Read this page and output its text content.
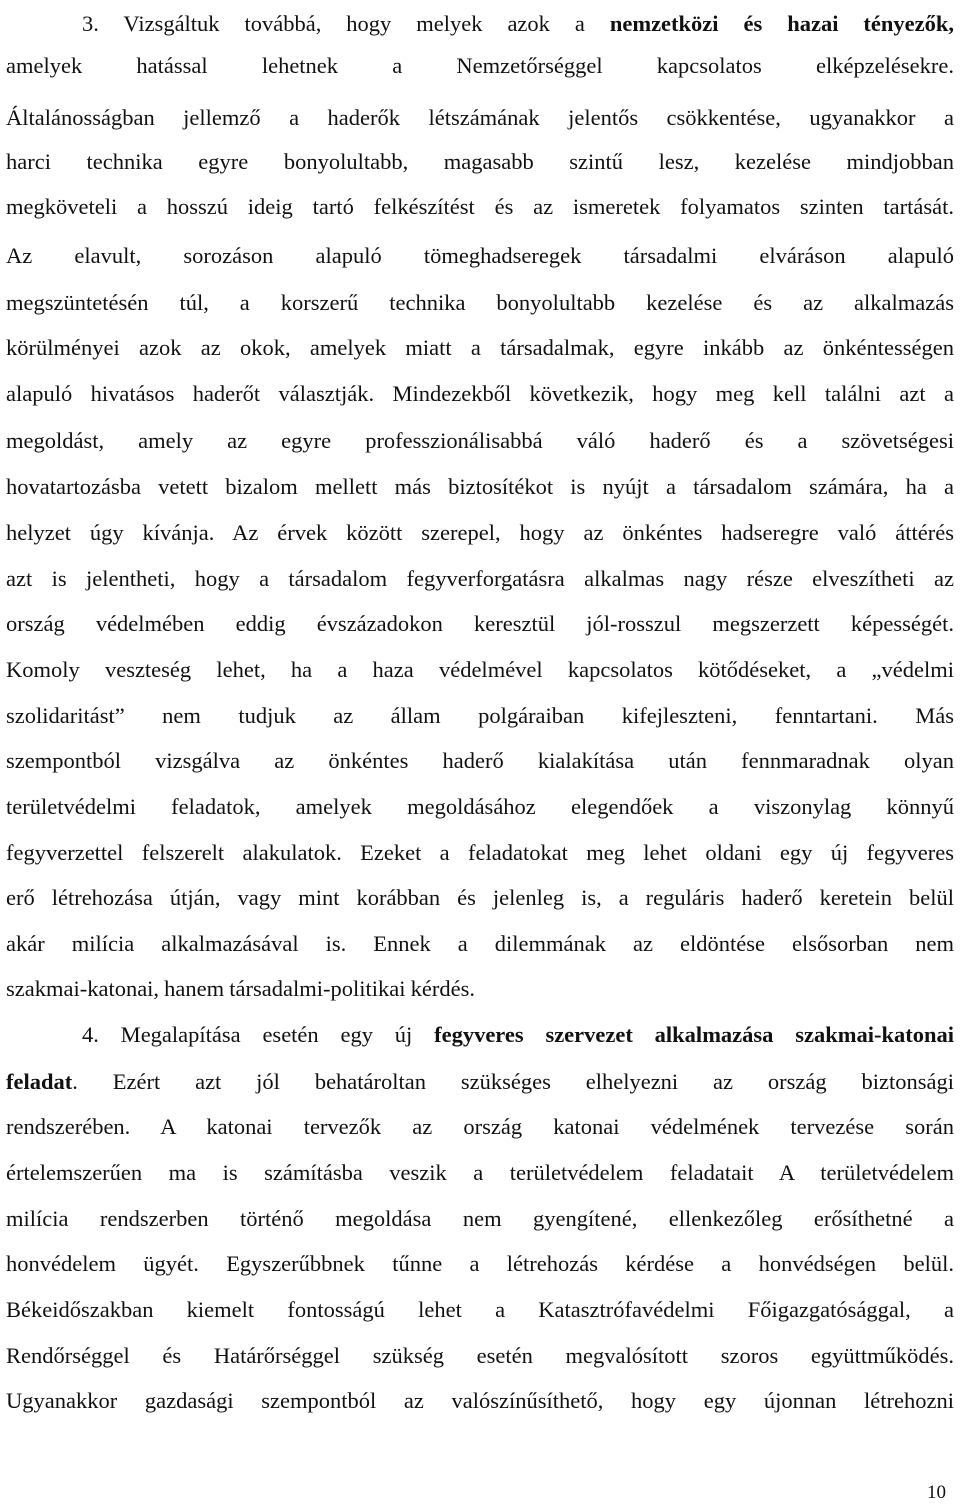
3. Vizsgáltuk továbbá, hogy melyek azok a nemzetközi és hazai tényezők,
amelyek hatással lehetnek a Nemzetőrséggel kapcsolatos elképzelésekre.
Általánosságban jellemző a haderők létszámának jelentős csökkentése, ugyanakkor a
harci technika egyre bonyolultabb, magasabb szintű lesz, kezelése mindjobban
megköveteli a hosszú ideig tartó felkészítést és az ismeretek folyamatos szinten tartását.
Az elavult, sorozáson alapuló tömeghadseregek társadalmi elváráson alapuló
megszüntetésén túl, a korszerű technika bonyolultabb kezelése és az alkalmazás
körülményei azok az okok, amelyek miatt a társadalmak, egyre inkább az önkéntességen
alapuló hivatásos haderőt választják. Mindezekből következik, hogy meg kell találni azt a
megoldást, amely az egyre professzionálisabbá váló haderő és a szövetségesi
hovatartozásba vetett bizalom mellett más biztosítékot is nyújt a társadalom számára, ha a
helyzet úgy kívánja. Az érvek között szerepel, hogy az önkéntes hadseregre való áttérés
azt is jelentheti, hogy a társadalom fegyverforgatásra alkalmas nagy része elveszítheti az
ország védelmében eddig évszázadokon keresztül jól-rosszul megszerzett képességét.
Komoly veszteség lehet, ha a haza védelmével kapcsolatos kötődéseket, a „védelmi
szolidaritást” nem tudjuk az állam polgáraiban kifejleszteni, fenntartani. Más
szempontból vizsgálva az önkéntes haderő kialakítása után fennmaradnak olyan
területvédelmi feladatok, amelyek megoldásához elegendőek a viszonylag könnyű
fegyverzettel felszerelt alakulatok. Ezeket a feladatokat meg lehet oldani egy új fegyveres
erő létrehozása útján, vagy mint korábban és jelenleg is, a reguláris haderő keretein belül
akár milícia alkalmazásával is. Ennek a dilemmának az eldöntése elsősorban nem
szakmai-katonai, hanem társadalmi-politikai kérdés.
4. Megalapítása esetén egy új fegyveres szervezet alkalmazása szakmai-katonai
feladat. Ezért azt jól behatároltan szükséges elhelyezni az ország biztonsági
rendszerében. A katonai tervezők az ország katonai védelmének tervezése során
értelemszerűen ma is számításba veszik a területvédelem feladatait A területvédelem
milícia rendszerben történő megoldása nem gyengítené, ellenkezőleg erősíthetné a
honvédelem ügyét. Egyszerűbbnek tűnne a létrehozás kérdése a honvédségen belül.
Békeidőszakban kiemelt fontosságú lehet a Katasztrófavédelmi Főigazgatósággal, a
Rendőrséggel és Határőrséggel szükség esetén megvalósított szoros együttműködés.
Ugyanakkor gazdasági szempontból az valószínűsíthető, hogy egy újonnan létrehozni
10
